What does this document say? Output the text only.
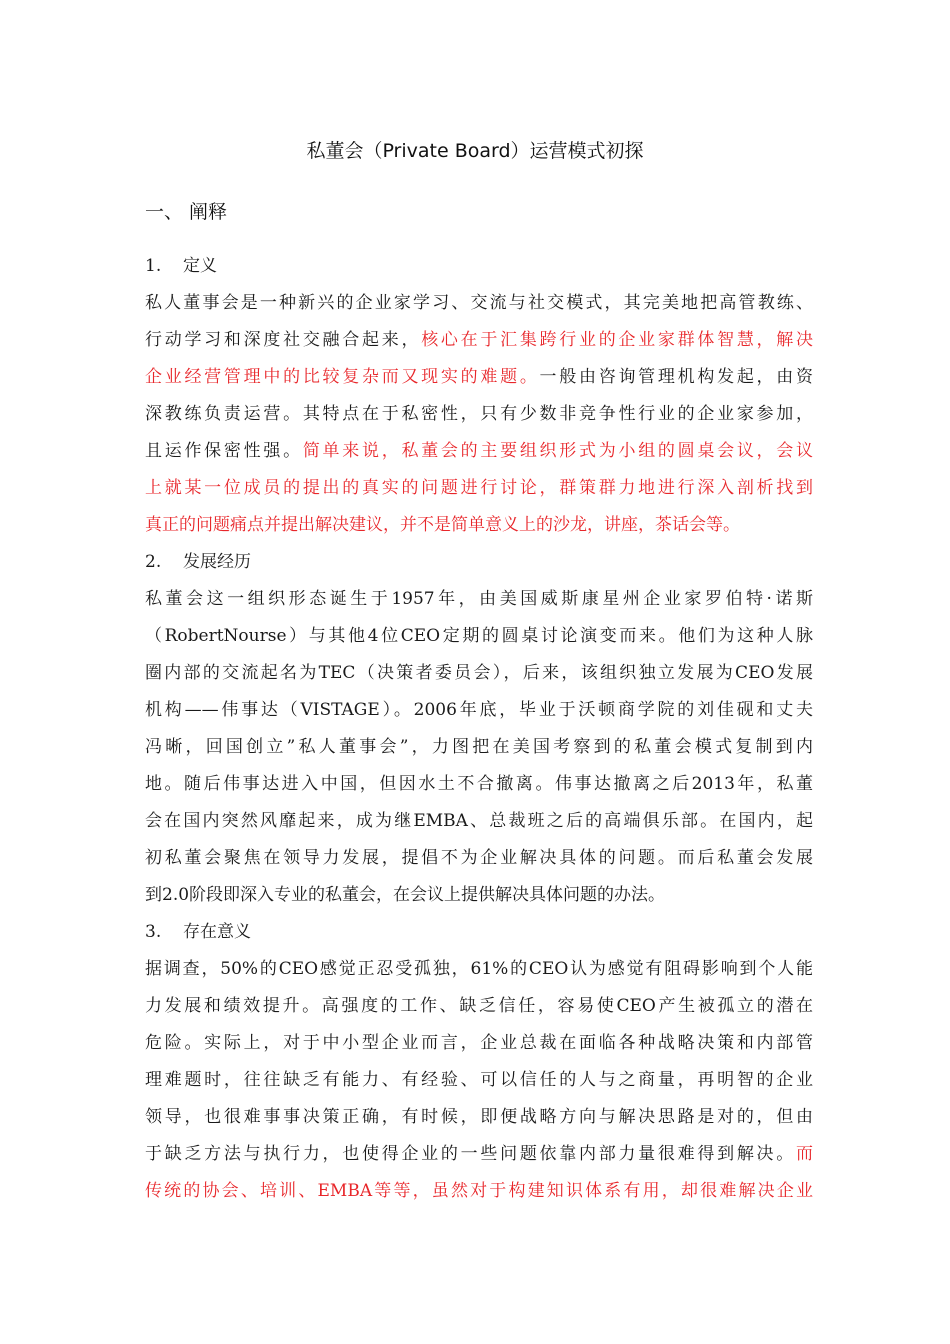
私董会（Private Board）运营模式初探
一、 阐释
1. 定义
私人董事会是一种新兴的企业家学习、交流与社交模式，其完美地把高管教练、
行动学习和深度社交融合起来，核心在于汇集跨行业的企业家群体智慧，解决
企业经营管理中的比较复杂而又现实的难题。一般由咨询管理机构发起，由资
深教练负责运营。其特点在于私密性，只有少数非竞争性行业的企业家参加，
且运作保密性强。简单来说，私董会的主要组织形式为小组的圆桌会议，会议
上就某一位成员的提出的真实的问题进行讨论，群策群力地进行深入剖析找到
真正的问题痛点并提出解决建议，并不是简单意义上的沙龙，讲座，茶话会等。
2. 发展经历
私董会这一组织形态诞生于1957年，由美国威斯康星州企业家罗伯特·诺斯
（RobertNourse）与其他4位CEO定期的圆桌讨论演变而来。他们为这种人脉
圈内部的交流起名为TEC（决策者委员会），后来，该组织独立发展为CEO发展
机构——伟事达（VISTAGE）。2006年底，毕业于沃顿商学院的刘佳砚和丈夫
冯晰，回国创立”私人董事会”，力图把在美国考察到的私董会模式复制到内
地。随后伟事达进入中国，但因水土不合撤离。伟事达撤离之后2013年，私董
会在国内突然风靡起来，成为继EMBA、总裁班之后的高端俱乐部。在国内，起
初私董会聚焦在领导力发展，提倡不为企业解决具体的问题。而后私董会发展
到2.0阶段即深入专业的私董会，在会议上提供解决具体问题的办法。
3. 存在意义
据调查，50%的CEO感觉正忍受孤独，61%的CEO认为感觉有阻碍影响到个人能
力发展和绩效提升。高强度的工作、缺乏信任，容易使CEO产生被孤立的潜在
危险。实际上，对于中小型企业而言，企业总裁在面临各种战略决策和内部管
理难题时，往往缺乏有能力、有经验、可以信任的人与之商量，再明智的企业
领导，也很难事事决策正确，有时候，即便战略方向与解决思路是对的，但由
于缺乏方法与执行力，也使得企业的一些问题依靠内部力量很难得到解决。而
传统的协会、培训、EMBA等等，虽然对于构建知识体系有用，却很难解决企业
